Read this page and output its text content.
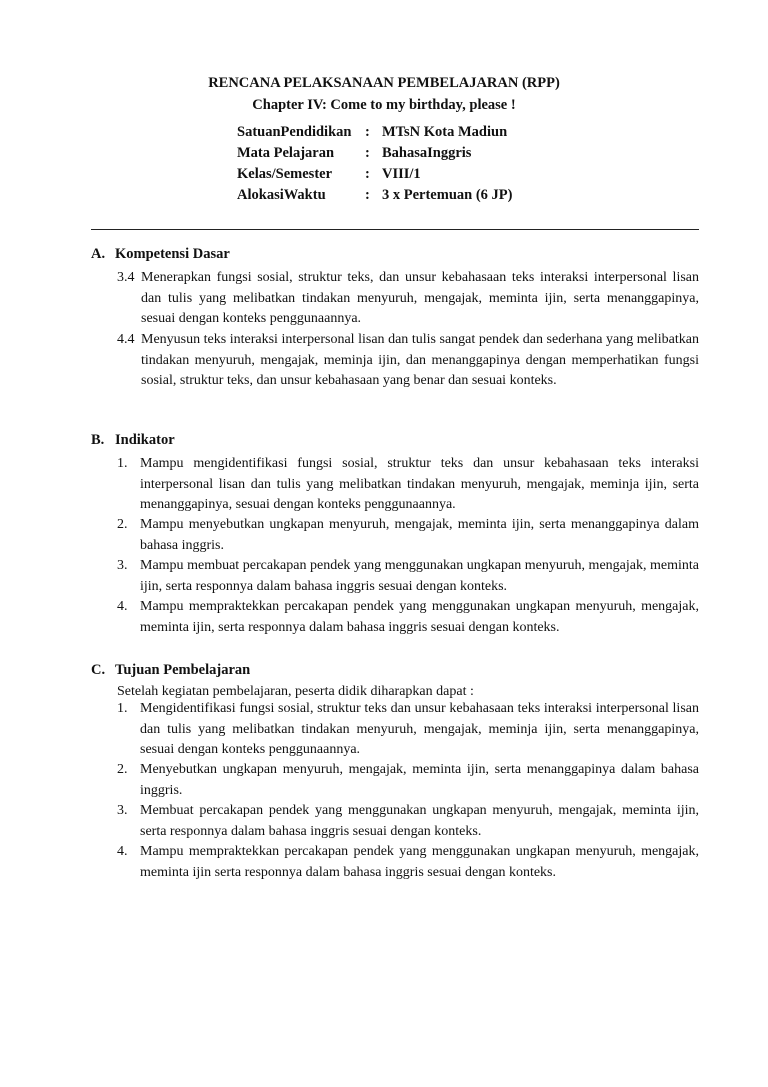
RENCANA PELAKSANAAN PEMBELAJARAN (RPP)
Chapter IV: Come to my birthday, please !
SatuanPendidikan : MTsN Kota Madiun
Mata Pelajaran : BahasaInggris
Kelas/Semester : VIII/1
AlokasiWaktu	: 3 x Pertemuan (6 JP)
A. Kompetensi Dasar
3.4 Menerapkan fungsi sosial, struktur teks, dan unsur kebahasaan teks interaksi interpersonal lisan dan tulis yang melibatkan tindakan menyuruh, mengajak, meminta ijin, serta menanggapinya, sesuai dengan konteks penggunaannya.
4.4 Menyusun teks interaksi interpersonal lisan dan tulis sangat pendek dan sederhana yang melibatkan tindakan menyuruh, mengajak, meminja ijin, dan menanggapinya dengan memperhatikan fungsi sosial, struktur teks, dan unsur kebahasaan yang benar dan sesuai konteks.
B. Indikator
1. Mampu mengidentifikasi fungsi sosial, struktur teks dan unsur kebahasaan teks interaksi interpersonal lisan dan tulis yang melibatkan tindakan menyuruh, mengajak, meminja ijin, serta menanggapinya, sesuai dengan konteks penggunaannya.
2. Mampu menyebutkan ungkapan menyuruh, mengajak, meminta ijin, serta menanggapinya dalam bahasa inggris.
3. Mampu membuat percakapan pendek yang menggunakan ungkapan menyuruh, mengajak, meminta ijin, serta responnya dalam bahasa inggris sesuai dengan konteks.
4. Mampu mempraktekkan percakapan pendek yang menggunakan ungkapan menyuruh, mengajak, meminta ijin, serta responnya dalam bahasa inggris sesuai dengan konteks.
C. Tujuan Pembelajaran
Setelah kegiatan pembelajaran, peserta didik diharapkan dapat :
1. Mengidentifikasi fungsi sosial, struktur teks dan unsur kebahasaan teks interaksi interpersonal lisan dan tulis yang melibatkan tindakan menyuruh, mengajak, meminja ijin, serta menanggapinya, sesuai dengan konteks penggunaannya.
2. Menyebutkan ungkapan menyuruh, mengajak, meminta ijin, serta menanggapinya dalam bahasa inggris.
3. Membuat percakapan pendek yang menggunakan ungkapan menyuruh, mengajak, meminta ijin, serta responnya dalam bahasa inggris sesuai dengan konteks.
4. Mampu mempraktekkan percakapan pendek yang menggunakan ungkapan menyuruh, mengajak, meminta ijin serta responnya dalam bahasa inggris sesuai dengan konteks.
